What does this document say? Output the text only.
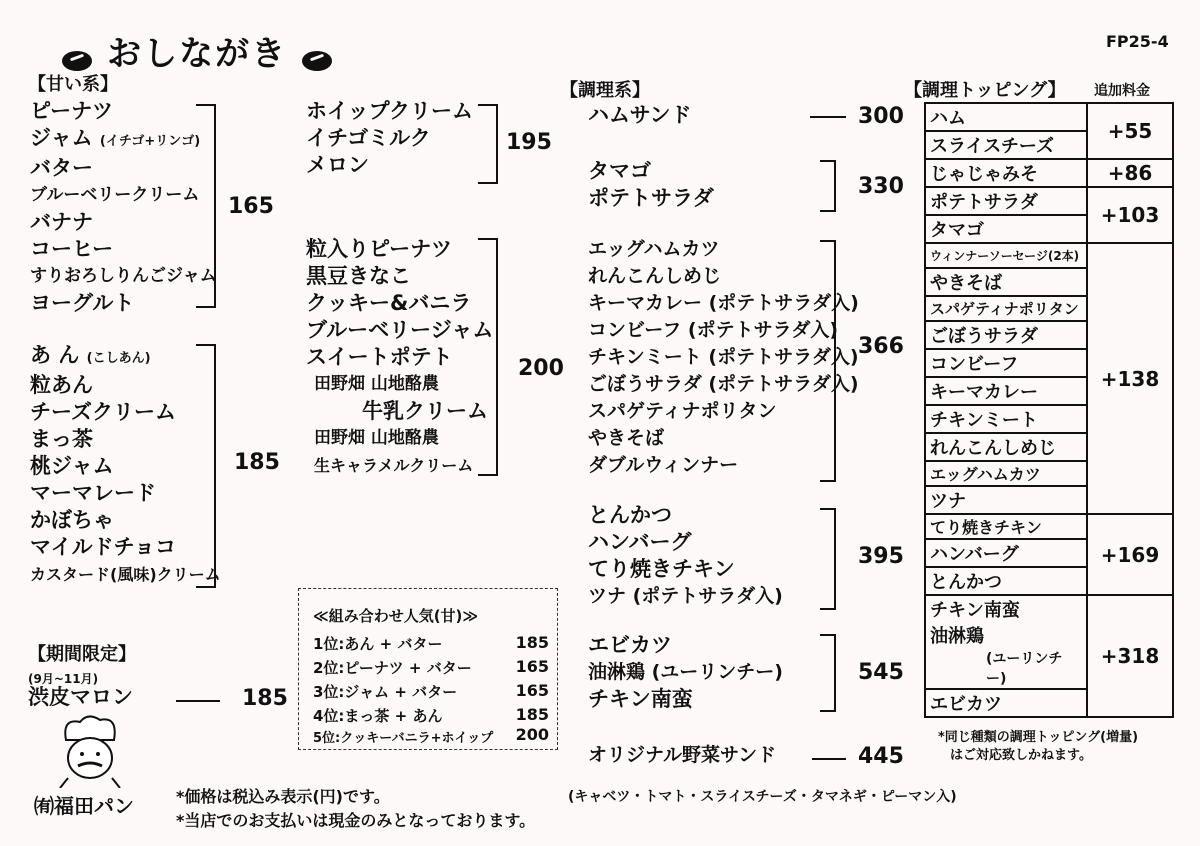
おしながき	FP25-4
【甘い系】
ピーナツ
ジャム (イチゴ+リンゴ)
バター
ブルーベリークリーム
バナナ
コーヒー
すりおろしりんごジャム
ヨーグルト
165
あ ん (こしあん)
粒あん
チーズクリーム
まっ茶
桃ジャム
マーマレード
かぼちゃ
マイルドチョコ
カスタード(風味)クリーム
185
ホイップクリーム
イチゴミルク
メロン
195
粒入りピーナツ
黒豆きなこ
クッキー&バニラ
ブルーベリージャム
スイートポテト
田野畑 山地酪農
牛乳クリーム
田野畑 山地酪農
生キャラメルクリーム
200
【期間限定】
(9月~11月)
渋皮マロン	185
㈲福田パン
≪組み合わせ人気(甘)≫
1位:あん + バター	185
2位:ピーナツ + バター	165
3位:ジャム + バター	165
4位:まっ茶 + あん	185
5位:クッキーバニラ+ホイップ 200
【調理系】
ハムサンド	300
タマゴ
ポテトサラダ	330
エッグハムカツ
れんこんしめじ
キーマカレー (ポテトサラダ入)
コンビーフ (ポテトサラダ入)
チキンミート (ポテトサラダ入)
ごぼうサラダ (ポテトサラダ入)
スパゲティナポリタン
やきそば
ダブルウィンナー
366
とんかつ
ハンバーグ
てり焼きチキン
ツナ (ポテトサラダ入)
395
エビカツ
油淋鶏 (ユーリンチー)
チキン南蛮
545
オリジナル野菜サンド	445
(キャベツ・トマト・スライスチーズ・タマネギ・ピーマン入)
【調理トッピング】 追加料金
ハム	+55
スライスチーズ	
じゃじゃみそ	+86
ポテトサラダ	+103
タマゴ	
ウィンナーソーセージ(2本)	+138
やきそば	
スパゲティナポリタン	
ごぼうサラダ	
コンビーフ	
キーマカレー	
チキンミート	
れんこんしめじ	
エッグハムカツ	
ツナ	
てり焼きチキン	+169
ハンバーグ	
とんかつ	

チキン南蛮
油淋鶏
(ユーリンチー)	+318
エビカツ	
*同じ種類の調理トッピング(増量)
はご対応致しかねます。
*価格は税込み表示(円)です。
*当店でのお支払いは現金のみとなっております。
